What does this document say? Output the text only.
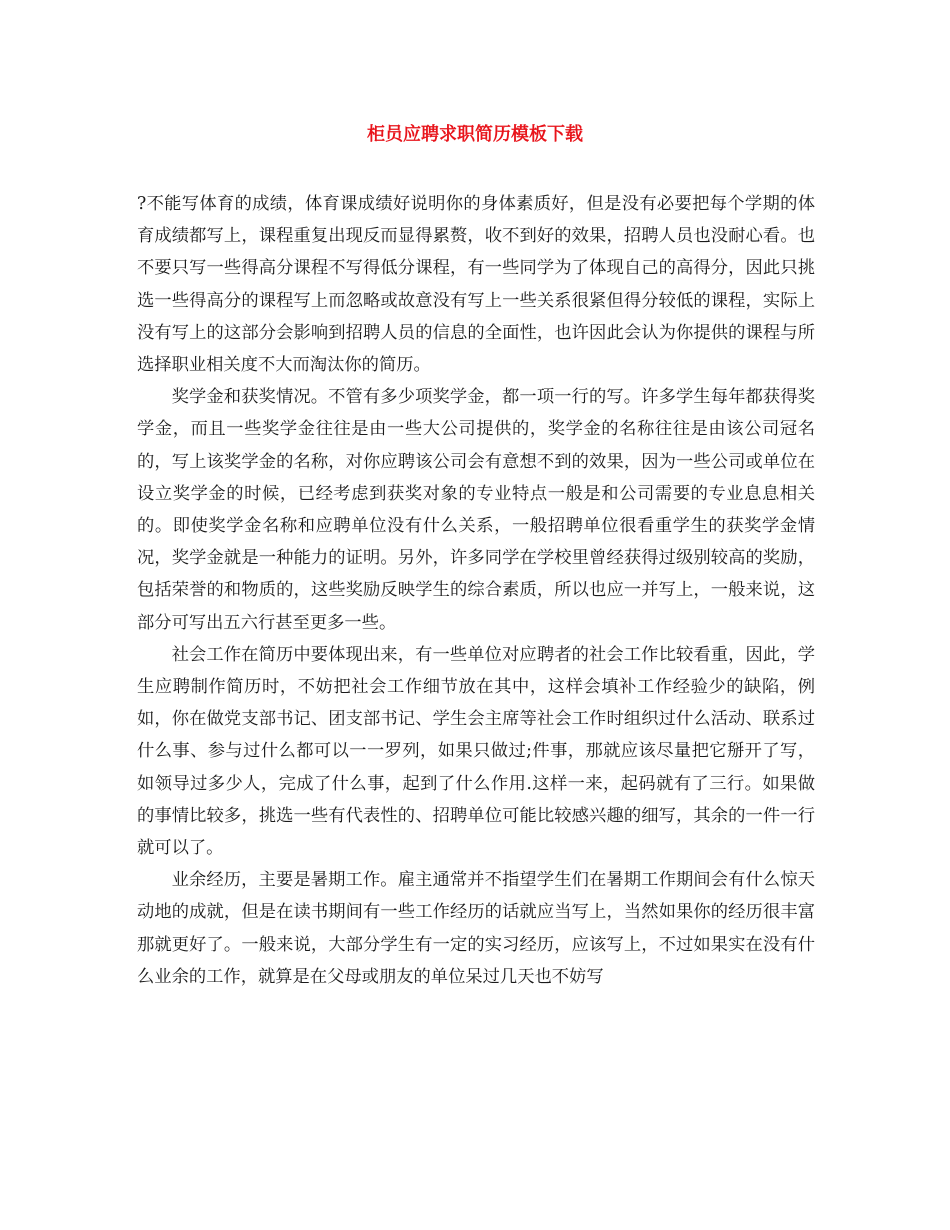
柜员应聘求职简历模板下载

?不能写体育的成绩，体育课成绩好说明你的身体素质好，但是没有必要把每个学期的体育成绩都写上，课程重复出现反而显得累赘，收不到好的效果，招聘人员也没耐心看。也不要只写一些得高分课程不写得低分课程，有一些同学为了体现自己的高得分，因此只挑选一些得高分的课程写上而忽略或故意没有写上一些关系很紧但得分较低的课程，实际上没有写上的这部分会影响到招聘人员的信息的全面性，也许因此会认为你提供的课程与所选择职业相关度不大而淘汰你的简历。

奖学金和获奖情况。不管有多少项奖学金，都一项一行的写。许多学生每年都获得奖学金，而且一些奖学金往往是由一些大公司提供的，奖学金的名称往往是由该公司冠名的，写上该奖学金的名称，对你应聘该公司会有意想不到的效果，因为一些公司或单位在设立奖学金的时候，已经考虑到获奖对象的专业特点一般是和公司需要的专业息息相关的。即使奖学金名称和应聘单位没有什么关系，一般招聘单位很看重学生的获奖学金情况，奖学金就是一种能力的证明。另外，许多同学在学校里曾经获得过级别较高的奖励，包括荣誉的和物质的，这些奖励反映学生的综合素质，所以也应一并写上，一般来说，这部分可写出五六行甚至更多一些。

社会工作在简历中要体现出来，有一些单位对应聘者的社会工作比较看重，因此，学生应聘制作简历时，不妨把社会工作细节放在其中，这样会填补工作经验少的缺陷，例如，你在做党支部书记、团支部书记、学生会主席等社会工作时组织过什么活动、联系过什么事、参与过什么都可以一一罗列，如果只做过;件事，那就应该尽量把它掰开了写，如领导过多少人，完成了什么事，起到了什么作用.这样一来，起码就有了三行。如果做的事情比较多，挑选一些有代表性的、招聘单位可能比较感兴趣的细写，其余的一件一行就可以了。

业余经历，主要是暑期工作。雇主通常并不指望学生们在暑期工作期间会有什么惊天动地的成就，但是在读书期间有一些工作经历的话就应当写上，当然如果你的经历很丰富那就更好了。一般来说，大部分学生有一定的实习经历，应该写上，不过如果实在没有什么业余的工作，就算是在父母或朋友的单位呆过几天也不妨写
